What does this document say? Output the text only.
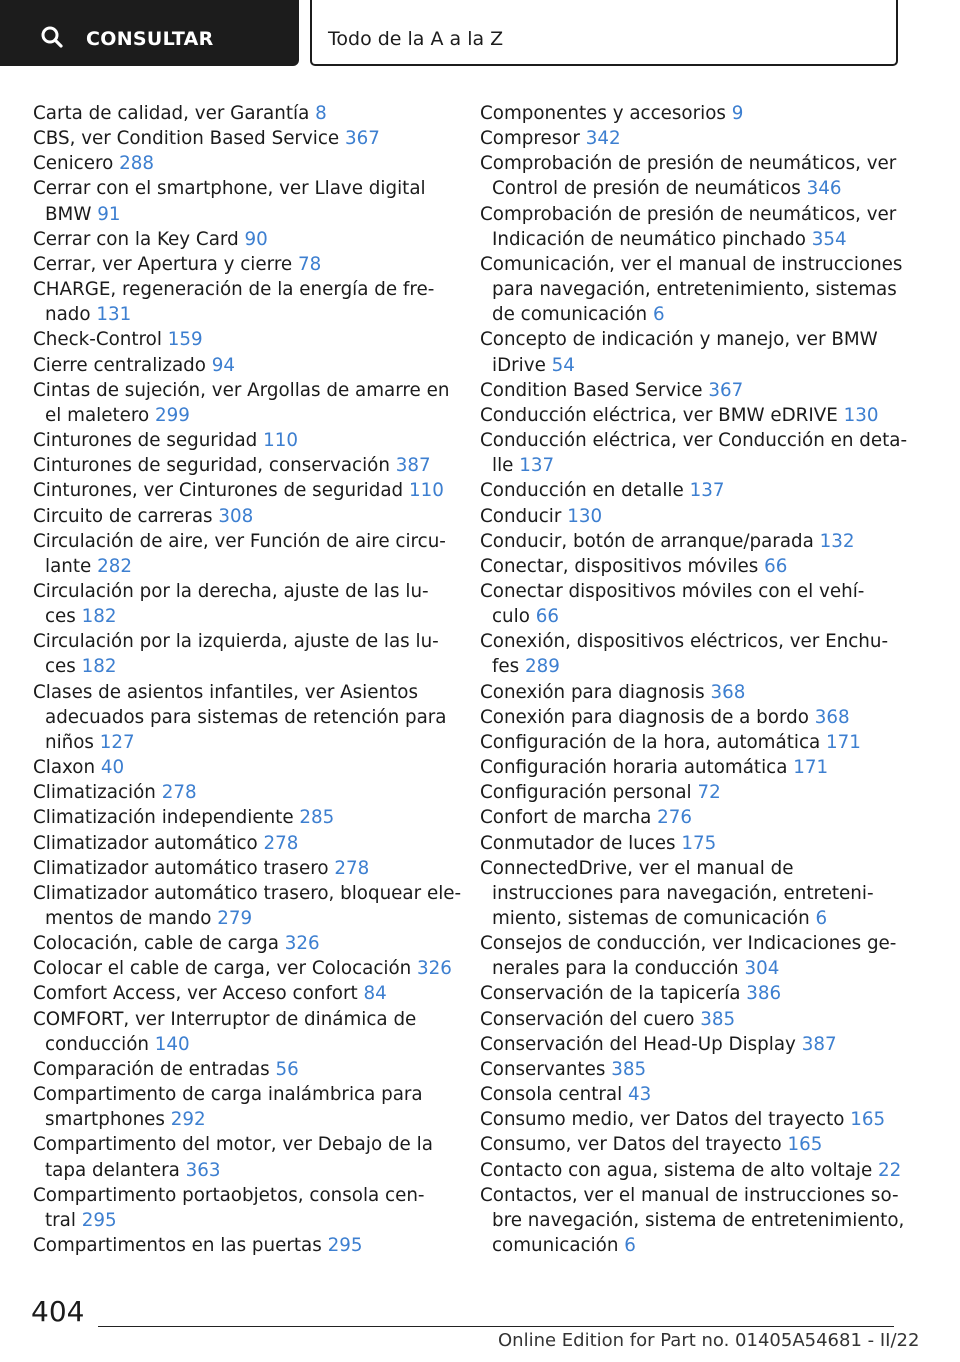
CONSULTAR	Todo de la A a la Z
Carta de calidad, ver Garantía 8
CBS, ver Condition Based Service 367
Cenicero 288
Cerrar con el smartphone, ver Llave digital
BMW 91
Cerrar con la Key Card 90
Cerrar, ver Apertura y cierre 78
CHARGE, regeneración de la energía de fre-
nado 131
Check-Control 159
Cierre centralizado 94
Cintas de sujeción, ver Argollas de amarre en
el maletero 299
Cinturones de seguridad 110
Cinturones de seguridad, conservación 387
Cinturones, ver Cinturones de seguridad 110
Circuito de carreras 308
Circulación de aire, ver Función de aire circu-
lante 282
Circulación por la derecha, ajuste de las lu-
ces 182
Circulación por la izquierda, ajuste de las lu-
ces 182
Clases de asientos infantiles, ver Asientos
adecuados para sistemas de retención para
niños 127
Claxon 40
Climatización 278
Climatización independiente 285
Climatizador automático 278
Climatizador automático trasero 278
Climatizador automático trasero, bloquear ele-
mentos de mando 279
Colocación, cable de carga 326
Colocar el cable de carga, ver Colocación 326
Comfort Access, ver Acceso confort 84
COMFORT, ver Interruptor de dinámica de
conducción 140
Comparación de entradas 56
Compartimento de carga inalámbrica para
smartphones 292
Compartimento del motor, ver Debajo de la
tapa delantera 363
Compartimento portaobjetos, consola cen-
tral 295
Compartimentos en las puertas 295
Componentes y accesorios 9
Compresor 342
Comprobación de presión de neumáticos, ver
Control de presión de neumáticos 346
Comprobación de presión de neumáticos, ver
Indicación de neumático pinchado 354
Comunicación, ver el manual de instrucciones
para navegación, entretenimiento, sistemas
de comunicación 6
Concepto de indicación y manejo, ver BMW
iDrive 54
Condition Based Service 367
Conducción eléctrica, ver BMW eDRIVE 130
Conducción eléctrica, ver Conducción en deta-
lle 137
Conducción en detalle 137
Conducir 130
Conducir, botón de arranque/parada 132
Conectar, dispositivos móviles 66
Conectar dispositivos móviles con el vehí-
culo 66
Conexión, dispositivos eléctricos, ver Enchu-
fes 289
Conexión para diagnosis 368
Conexión para diagnosis de a bordo 368
Configuración de la hora, automática 171
Configuración horaria automática 171
Configuración personal 72
Confort de marcha 276
Conmutador de luces 175
ConnectedDrive, ver el manual de
instrucciones para navegación, entreteni-
miento, sistemas de comunicación 6
Consejos de conducción, ver Indicaciones ge-
nerales para la conducción 304
Conservación de la tapicería 386
Conservación del cuero 385
Conservación del Head-Up Display 387
Conservantes 385
Consola central 43
Consumo medio, ver Datos del trayecto 165
Consumo, ver Datos del trayecto 165
Contacto con agua, sistema de alto voltaje 22
Contactos, ver el manual de instrucciones so-
bre navegación, sistema de entretenimiento,
comunicación 6
404
Online Edition for Part no. 01405A54681 - II/22
